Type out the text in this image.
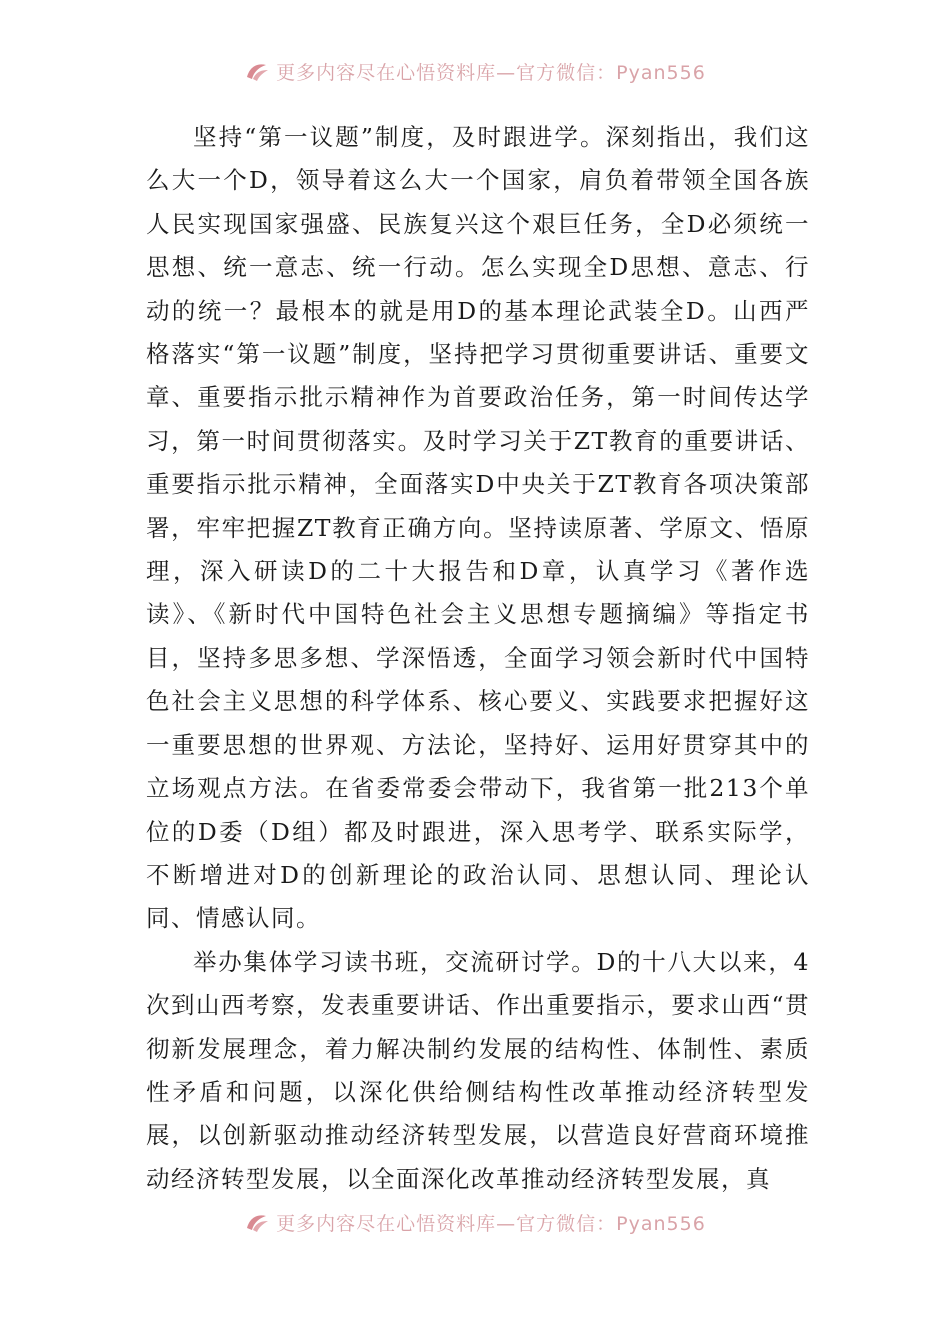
更多内容尽在心悟资料库—官方微信：Pyan556

坚持“第一议题”制度，及时跟进学。深刻指出，我们这么大一个D，领导着这么大一个国家，肩负着带领全国各族人民实现国家强盛、民族复兴这个艰巨任务，全D必须统一思想、统一意志、统一行动。怎么实现全D思想、意志、行动的统一？最根本的就是用D的基本理论武装全D。山西严格落实“第一议题”制度，坚持把学习贯彻重要讲话、重要文章、重要指示批示精神作为首要政治任务，第一时间传达学习，第一时间贯彻落实。及时学习关于ZT教育的重要讲话、重要指示批示精神，全面落实D中央关于ZT教育各项决策部署，牢牢把握ZT教育正确方向。坚持读原著、学原文、悟原理，深入研读D的二十大报告和D章，认真学习《著作选读》、《新时代中国特色社会主义思想专题摘编》等指定书目，坚持多思多想、学深悟透，全面学习领会新时代中国特色社会主义思想的科学体系、核心要义、实践要求把握好这一重要思想的世界观、方法论，坚持好、运用好贯穿其中的立场观点方法。在省委常委会带动下，我省第一批213个单位的D委（D组）都及时跟进，深入思考学、联系实际学，不断增进对D的创新理论的政治认同、思想认同、理论认同、情感认同。

举办集体学习读书班，交流研讨学。D的十八大以来，4次到山西考察，发表重要讲话、作出重要指示，要求山西“贯彻新发展理念，着力解决制约发展的结构性、体制性、素质性矛盾和问题，以深化供给侧结构性改革推动经济转型发展，以创新驱动推动经济转型发展，以营造良好营商环境推动经济转型发展，以全面深化改革推动经济转型发展，真

更多内容尽在心悟资料库—官方微信：Pyan556
